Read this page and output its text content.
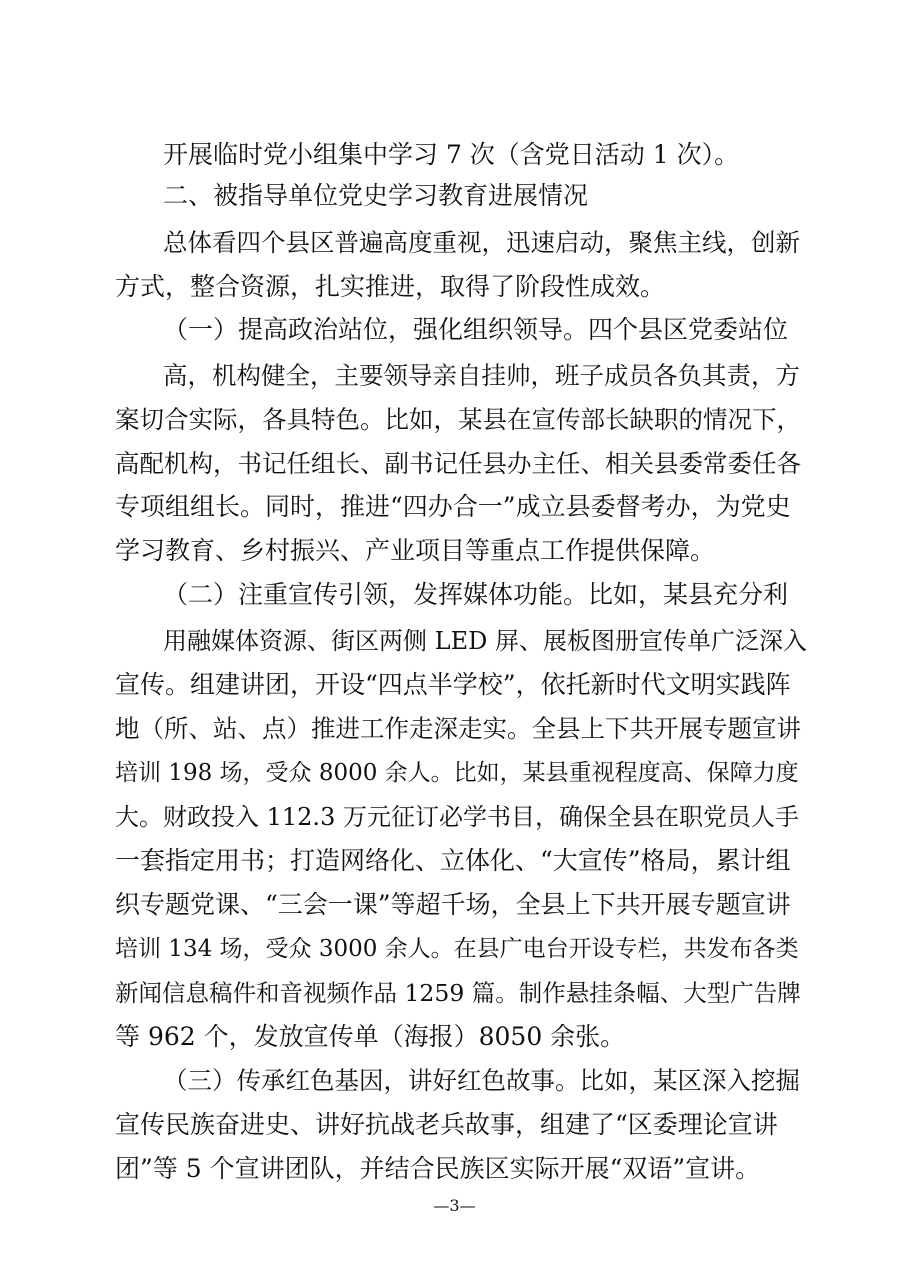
开展临时党小组集中学习 7 次（含党日活动 1 次）。
二、被指导单位党史学习教育进展情况
总体看四个县区普遍高度重视，迅速启动，聚焦主线，创新
方式，整合资源，扎实推进，取得了阶段性成效。
（一）提高政治站位，强化组织领导。四个县区党委站位
高，机构健全，主要领导亲自挂帅，班子成员各负其责，方
案切合实际，各具特色。比如，某县在宣传部长缺职的情况下，
高配机构，书记任组长、副书记任县办主任、相关县委常委任各
专项组组长。同时，推进“四办合一”成立县委督考办，为党史
学习教育、乡村振兴、产业项目等重点工作提供保障。
（二）注重宣传引领，发挥媒体功能。比如，某县充分利
用融媒体资源、街区两侧 LED 屏、展板图册宣传单广泛深入
宣传。组建讲团，开设“四点半学校”，依托新时代文明实践阵
地（所、站、点）推进工作走深走实。全县上下共开展专题宣讲
培训 198 场，受众 8000 余人。比如，某县重视程度高、保障力度
大。财政投入 112.3 万元征订必学书目，确保全县在职党员人手
一套指定用书；打造网络化、立体化、“大宣传”格局，累计组
织专题党课、“三会一课”等超千场，全县上下共开展专题宣讲
培训 134 场，受众 3000 余人。在县广电台开设专栏，共发布各类
新闻信息稿件和音视频作品 1259 篇。制作悬挂条幅、大型广告牌
等 962 个，发放宣传单（海报）8050 余张。
（三）传承红色基因，讲好红色故事。比如，某区深入挖掘
宣传民族奋进史、讲好抗战老兵故事，组建了“区委理论宣讲
团”等 5 个宣讲团队，并结合民族区实际开展“双语”宣讲。
—3—
